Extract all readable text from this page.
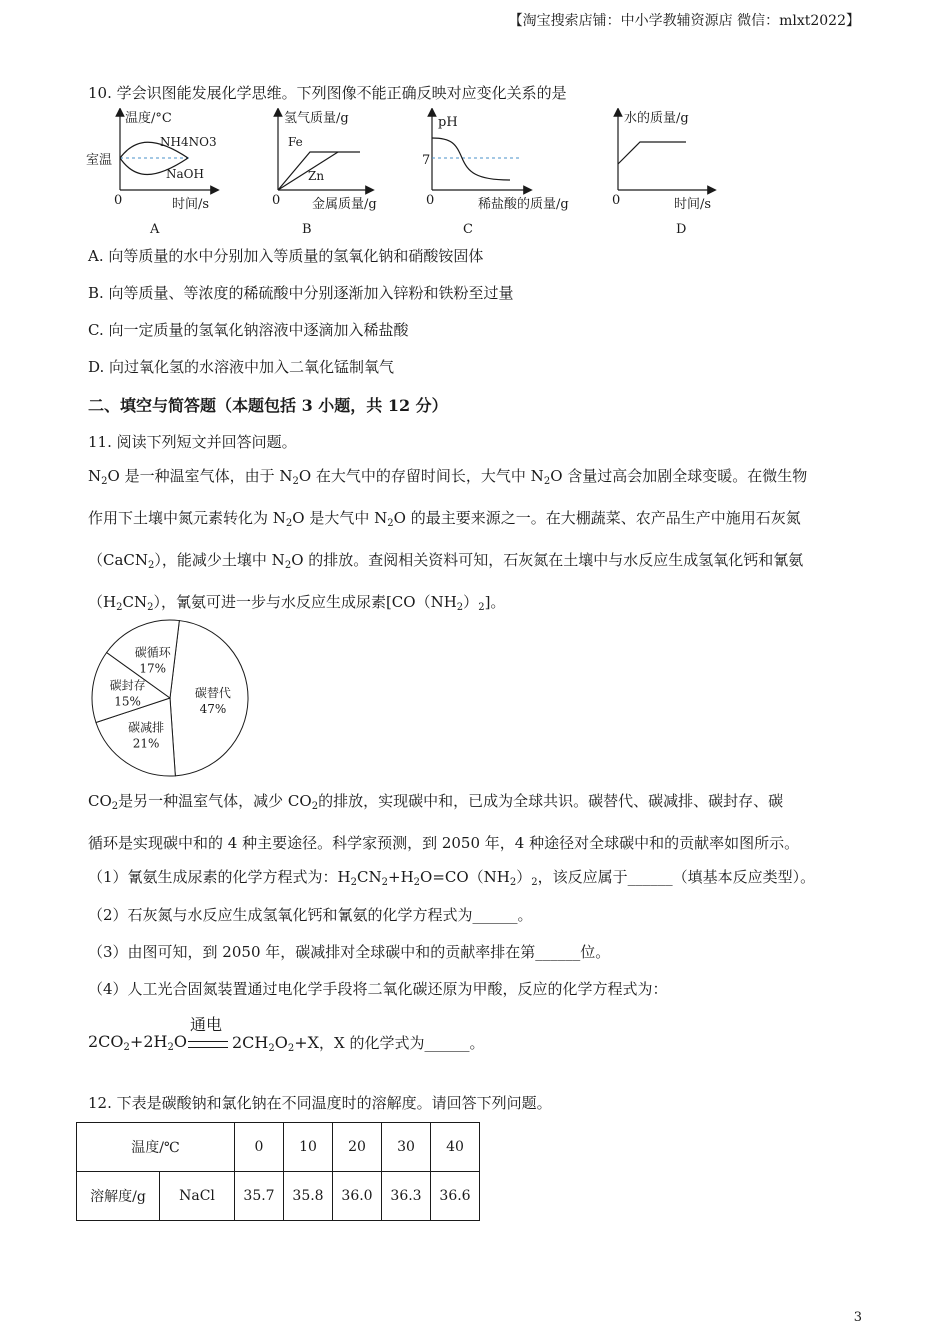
【淘宝搜索店铺：中小学教辅资源店 微信：mlxt2022】
10. 学会识图能发展化学思维。下列图像不能正确反映对应变化关系的是
温度/°C
室温
NH4NO3
NaOH
0	时间/s
A
氢气质量/g
Fe
Zn
0 金属质量/g
B
pH
7
0	稀盐酸的质量/g
C
水的质量/g
0	时间/s
D
A. 向等质量的水中分别加入等质量的氢氧化钠和硝酸铵固体
B. 向等质量、等浓度的稀硫酸中分别逐渐加入锌粉和铁粉至过量
C. 向一定质量的氢氧化钠溶液中逐滴加入稀盐酸
D. 向过氧化氢的水溶液中加入二氧化锰制氧气
二、填空与简答题（本题包括 3 小题，共 12 分）
11. 阅读下列短文并回答问题。

$N_2O$ 是一种温室气体，由于 $N_2O$ 在大气中的存留时间长，大气中 $N_2O$ 含量过高会加剧全球变暖。在微生物

作用下土壤中氮元素转化为 $N_2O$ 是大气中 $N_2O$ 的最主要来源之一。在大棚蔬菜、农产品生产中施用石灰氮

（CaCN$_2$），能减少土壤中 $N_2O$ 的排放。查阅相关资料可知，石灰氮在土壤中与水反应生成氢氧化钙和氰氨

$(H_2CN_2)$，氰氨可进一步与水反应生成尿素$[CO(NH_2)_2]$。

碳替代
47%
碳减排
21%
碳封存
15%
碳循环
17%

$CO_2$是另一种温室气体，减少 $CO_2$的排放，实现碳中和，已成为全球共识。碳替代、碳减排、碳封存、碳

循环是实现碳中和的 4 种主要途径。科学家预测，到 2050 年，4 种途径对全球碳中和的贡献率如图所示。

（1）氰氨生成尿素的化学方程式为：$H_2CN_2+H_2O=CO(NH_2)_2$，该反应属于______（填基本反应类型）。
（2）石灰氮与水反应生成氢氧化钙和氰氨的化学方程式为______。
（3）由图可知，到 2050 年，碳减排对全球碳中和的贡献率排在第______位。
（4）人工光合固氮装置通过电化学手段将二氧化碳还原为甲酸，反应的化学方程式为：
$2CO_2+2H_2O$
通电
$2CH_2O_2+X$，X 的化学式为______。
12. 下表是碳酸钠和氯化钠在不同温度时的溶解度。请回答下列问题。
温度/℃		0	10	20	30	40
溶解度/g	NaCl	35.7	35.8	36.0	36.3	36.6
3
